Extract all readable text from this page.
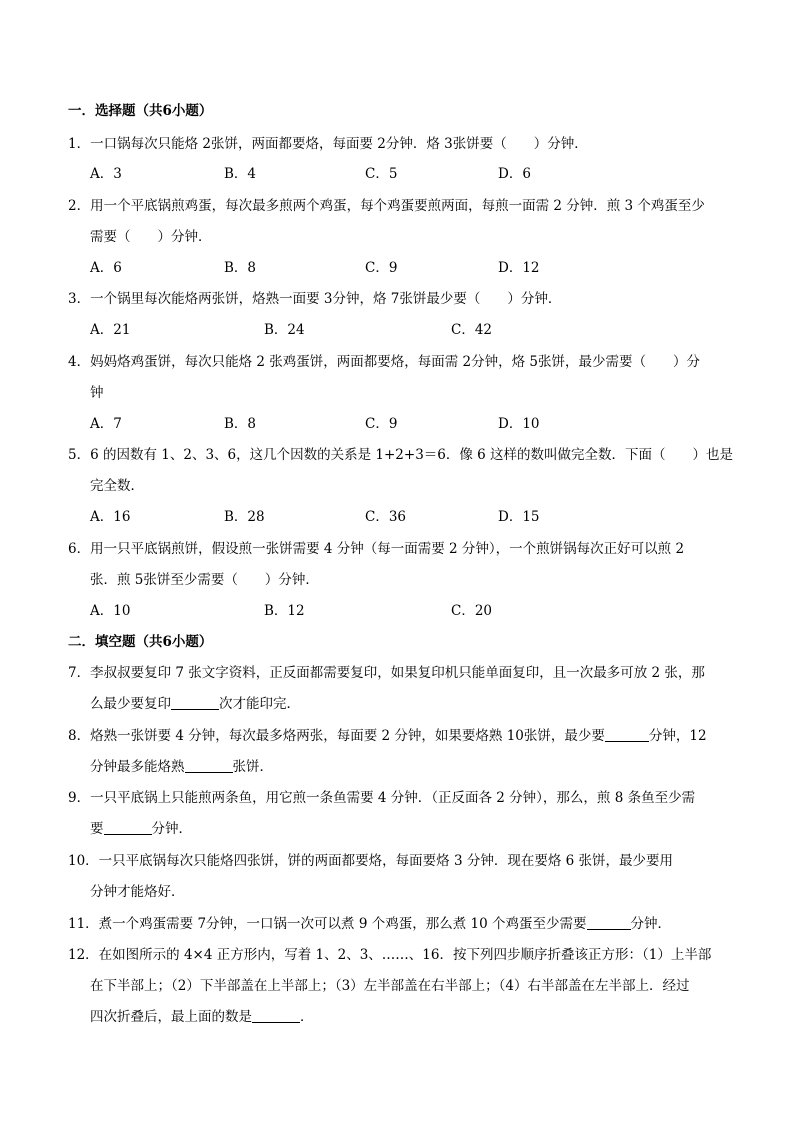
一．选择题（共6小题）
1．一口锅每次只能烙 2张饼，两面都要烙，每面要 2分钟．烙 3张饼要（　　）分钟．
A．3	B．4	C．5	D．6
2．用一个平底锅煎鸡蛋，每次最多煎两个鸡蛋，每个鸡蛋要煎两面，每煎一面需 2 分钟．煎 3 个鸡蛋至少
需要（　　）分钟．
A．6	B．8	C．9	D．12
3．一个锅里每次能烙两张饼，烙熟一面要 3分钟，烙 7张饼最少要（　　）分钟．
A．21	B．24	C．42
4．妈妈烙鸡蛋饼，每次只能烙 2 张鸡蛋饼，两面都要烙，每面需 2分钟，烙 5张饼，最少需要（　　）分
钟
A．7	B．8	C．9	D．10
5．6 的因数有 1、2、3、6，这几个因数的关系是 1+2+3＝6．像 6 这样的数叫做完全数．下面（　　）也是
完全数．
A．16	B．28	C．36	D．15
6．用一只平底锅煎饼，假设煎一张饼需要 4 分钟（每一面需要 2 分钟），一个煎饼锅每次正好可以煎 2
张．煎 5张饼至少需要（　　）分钟．
A．10	B．12	C．20
二．填空题（共6小题）
7．李叔叔要复印 7 张文字资料，正反面都需要复印，如果复印机只能单面复印，且一次最多可放 2 张，那
么最少要复印	次才能印完．
8．烙熟一张饼要 4 分钟，每次最多烙两张，每面要 2 分钟，如果要烙熟 10张饼，最少要	分钟，12
分钟最多能烙熟	张饼．
9．一只平底锅上只能煎两条鱼，用它煎一条鱼需要 4 分钟．（正反面各 2 分钟），那么，煎 8 条鱼至少需
要	分钟．
10．一只平底锅每次只能烙四张饼，饼的两面都要烙，每面要烙 3 分钟．现在要烙 6 张饼，最少要用
分钟才能烙好．
11．煮一个鸡蛋需要 7分钟，一口锅一次可以煮 9 个鸡蛋，那么煮 10 个鸡蛋至少需要	分钟．
12．在如图所示的 4×4 正方形内，写着 1、2、3、……、16．按下列四步顺序折叠该正方形：（1）上半部
在下半部上；（2）下半部盖在上半部上；（3）左半部盖在右半部上；（4）右半部盖在左半部上．经过
四次折叠后，最上面的数是	．
